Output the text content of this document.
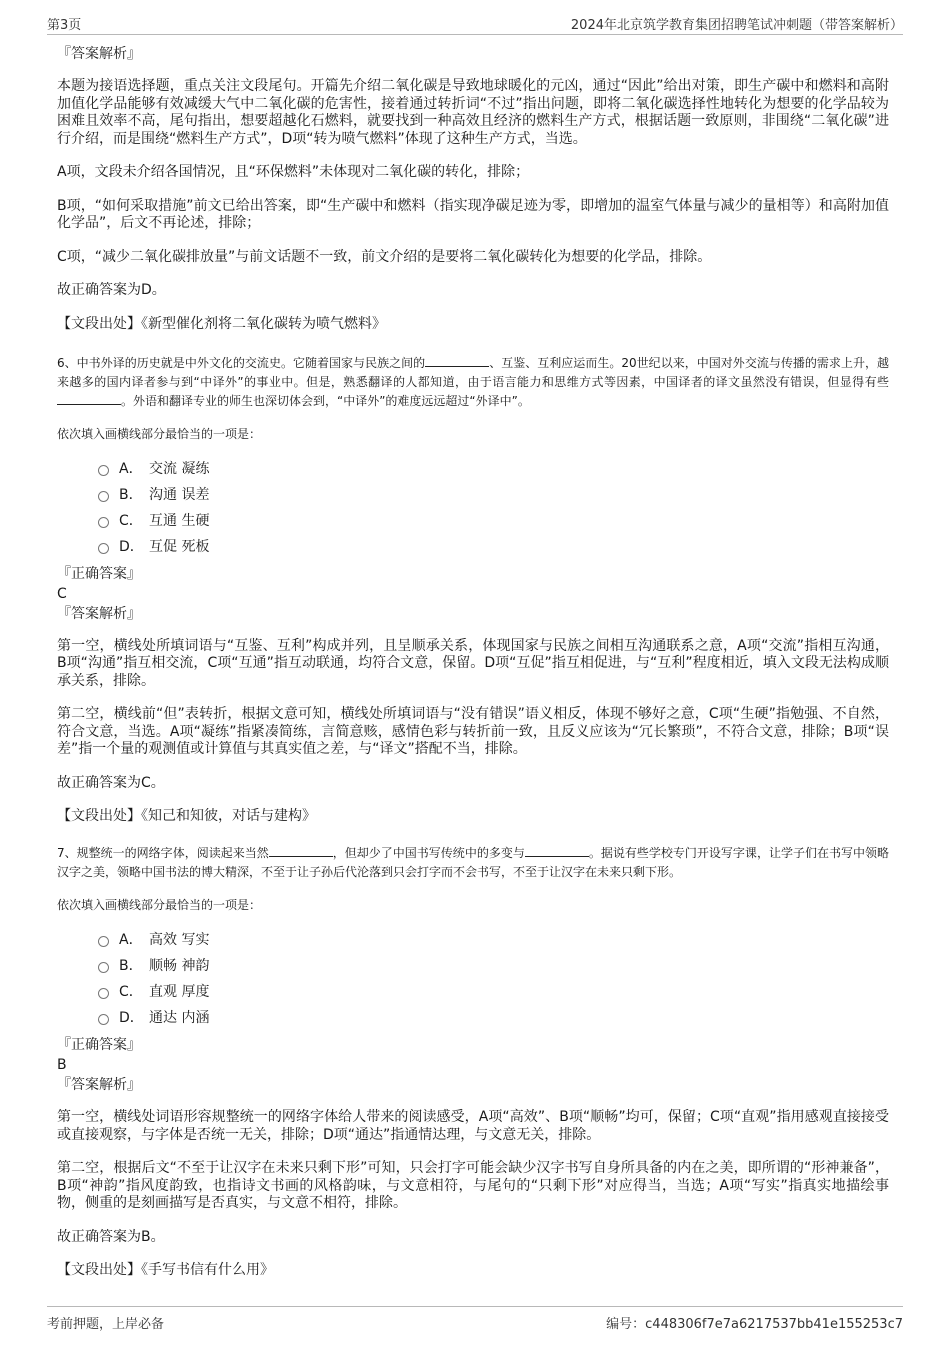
第3页	2024年北京筑学教育集团招聘笔试冲刺题（带答案解析）

『答案解析』

本题为接语选择题，重点关注文段尾句。开篇先介绍二氧化碳是导致地球暖化的元凶，通过“因此”给出对策，即生产碳中和燃料和高附加值化学品能够有效减缓大气中二氧化碳的危害性，接着通过转折词“不过”指出问题，即将二氧化碳选择性地转化为想要的化学品较为困难且效率不高，尾句指出，想要超越化石燃料，就要找到一种高效且经济的燃料生产方式，根据话题一致原则，非围绕“二氧化碳”进行介绍，而是围绕“燃料生产方式”，D项“转为喷气燃料”体现了这种生产方式，当选。

A项，文段未介绍各国情况，且“环保燃料”未体现对二氧化碳的转化，排除；

B项，“如何采取措施”前文已给出答案，即“生产碳中和燃料（指实现净碳足迹为零，即增加的温室气体量与减少的量相等）和高附加值化学品”，后文不再论述，排除；

C项，“减少二氧化碳排放量”与前文话题不一致，前文介绍的是要将二氧化碳转化为想要的化学品，排除。

故正确答案为D。

【文段出处】《新型催化剂将二氧化碳转为喷气燃料》

6、中书外译的历史就是中外文化的交流史。它随着国家与民族之间的	、互鉴、互利应运而生。20世纪以来，中国对外交流与传播的需求上升，越来越多的国内译者参与到“中译外”的事业中。但是，熟悉翻译的人都知道，由于语言能力和思维方式等因素，中国译者的译文虽然没有错误，但显得有些。外语和翻译专业的师生也深切体会到，“中译外”的难度远远超过“外译中”。

依次填入画横线部分最恰当的一项是：

A． 交流 凝练
B． 沟通 误差
C． 互通 生硬
D． 互促 死板

『正确答案』

C

『答案解析』

第一空，横线处所填词语与“互鉴、互利”构成并列，且呈顺承关系，体现国家与民族之间相互沟通联系之意，A项“交流”指相互沟通，B项“沟通”指互相交流，C项“互通”指互动联通，均符合文意，保留。D项“互促”指互相促进，与“互利”程度相近，填入文段无法构成顺承关系，排除。

第二空，横线前“但”表转折，根据文意可知，横线处所填词语与“没有错误”语义相反，体现不够好之意，C项“生硬”指勉强、不自然，符合文意，当选。A项“凝练”指紧凑简练，言简意赅，感情色彩与转折前一致，且反义应该为“冗长繁琐”，不符合文意，排除；B项“误差”指一个量的观测值或计算值与其真实值之差，与“译文”搭配不当，排除。

故正确答案为C。

【文段出处】《知己和知彼，对话与建构》

7、规整统一的网络字体，阅读起来当然	，但却少了中国书写传统中的多变与	。据说有些学校专门开设写字课，让学子们在书写中领略汉字之美，领略中国书法的博大精深，不至于让子孙后代沦落到只会打字而不会书写，不至于让汉字在未来只剩下形。

依次填入画横线部分最恰当的一项是：

A． 高效 写实
B． 顺畅 神韵
C． 直观 厚度
D． 通达 内涵

『正确答案』

B

『答案解析』

第一空，横线处词语形容规整统一的网络字体给人带来的阅读感受，A项“高效”、B项“顺畅”均可，保留；C项“直观”指用感观直接接受或直接观察，与字体是否统一无关，排除；D项“通达”指通情达理，与文意无关，排除。

第二空，根据后文“不至于让汉字在未来只剩下形”可知，只会打字可能会缺少汉字书写自身所具备的内在之美，即所谓的“形神兼备”，B项“神韵”指风度韵致，也指诗文书画的风格韵味，与文意相符，与尾句的“只剩下形”对应得当，当选；A项“写实”指真实地描绘事物，侧重的是刻画描写是否真实，与文意不相符，排除。

故正确答案为B。

【文段出处】《手写书信有什么用》

考前押题，上岸必备	编号：c448306f7e7a6217537bb41e155253c7
